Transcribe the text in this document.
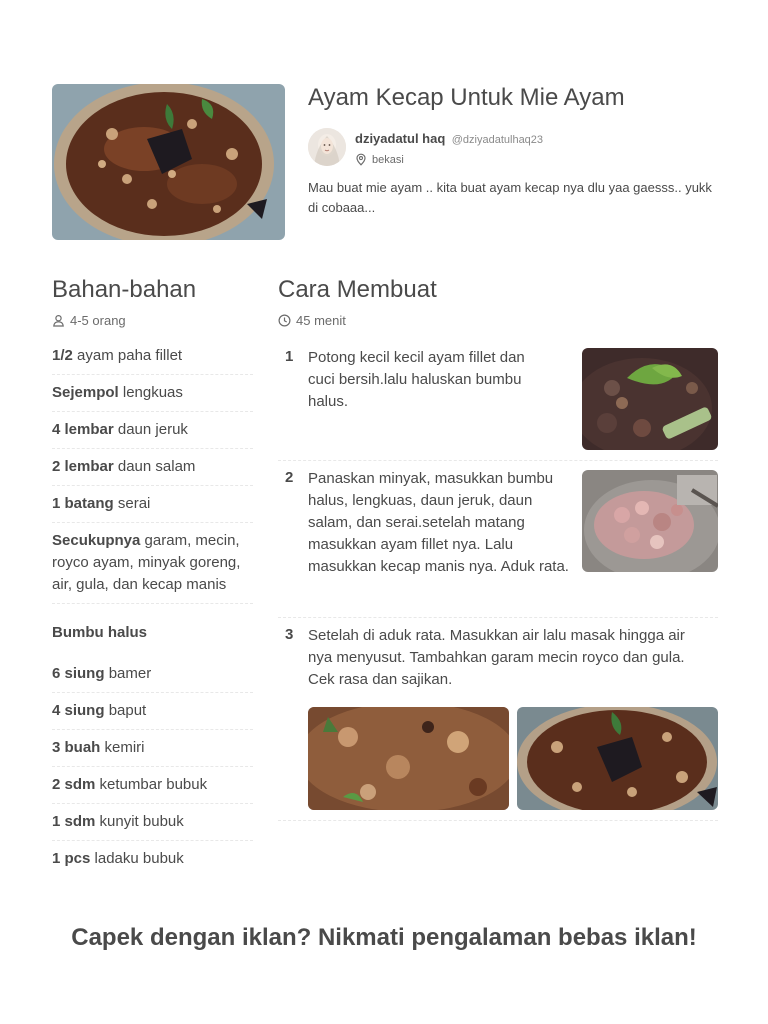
Ayam Kecap Untuk Mie Ayam
dziyadatul haq @dziyadatulhaq23
bekasi

Mau buat mie ayam .. kita buat ayam kecap nya dlu yaa gaesss.. yukk di cobaaa...

Bahan-bahan
4-5 orang
1/2 ayam paha fillet
Sejempol lengkuas
4 lembar daun jeruk
2 lembar daun salam
1 batang serai
Secukupnya garam, mecin, royco ayam, minyak goreng, air, gula, dan kecap manis
Bumbu halus
6 siung bamer
4 siung baput
3 buah kemiri
2 sdm ketumbar bubuk
1 sdm kunyit bubuk
1 pcs ladaku bubuk
Cara Membuat
45 menit
1 Potong kecil kecil ayam fillet dan cuci bersih.lalu haluskan bumbu halus.

2 Panaskan minyak, masukkan bumbu halus, lengkuas, daun jeruk, daun salam, dan serai.setelah matang masukkan ayam fillet nya. Lalu masukkan kecap manis nya. Aduk rata.

3 Setelah di aduk rata. Masukkan air lalu masak hingga air nya menyusut. Tambahkan garam mecin royco dan gula. Cek rasa dan sajikan.

Capek dengan iklan? Nikmati pengalaman bebas iklan!
